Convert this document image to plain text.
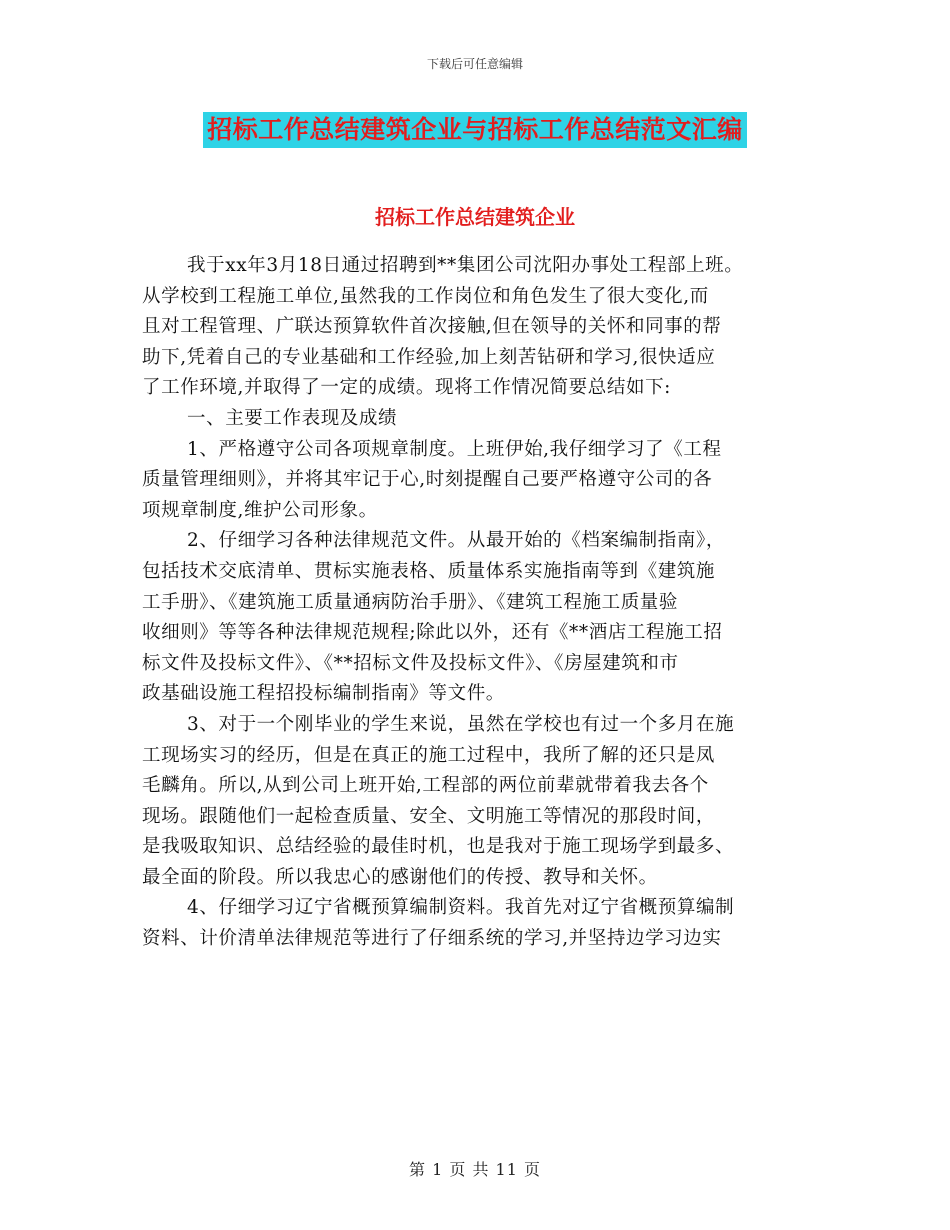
下载后可任意编辑
招标工作总结建筑企业与招标工作总结范文汇编
招标工作总结建筑企业
我于xx年3月18日通过招聘到**集团公司沈阳办事处工程部上班。
从学校到工程施工单位,虽然我的工作岗位和角色发生了很大变化,而
且对工程管理、广联达预算软件首次接触,但在领导的关怀和同事的帮
助下,凭着自己的专业基础和工作经验,加上刻苦钻研和学习,很快适应
了工作环境,并取得了一定的成绩。现将工作情况简要总结如下:
一、主要工作表现及成绩
1、严格遵守公司各项规章制度。上班伊始,我仔细学习了《工程
质量管理细则》，并将其牢记于心,时刻提醒自己要严格遵守公司的各
项规章制度,维护公司形象。
2、仔细学习各种法律规范文件。从最开始的《档案编制指南》，
包括技术交底清单、贯标实施表格、质量体系实施指南等到《建筑施
工手册》、《建筑施工质量通病防治手册》、《建筑工程施工质量验
收细则》等等各种法律规范规程;除此以外，还有《**酒店工程施工招
标文件及投标文件》、《**招标文件及投标文件》、《房屋建筑和市
政基础设施工程招投标编制指南》等文件。
3、对于一个刚毕业的学生来说，虽然在学校也有过一个多月在施
工现场实习的经历，但是在真正的施工过程中，我所了解的还只是凤
毛麟角。所以,从到公司上班开始,工程部的两位前辈就带着我去各个
现场。跟随他们一起检查质量、安全、文明施工等情况的那段时间，
是我吸取知识、总结经验的最佳时机，也是我对于施工现场学到最多、
最全面的阶段。所以我忠心的感谢他们的传授、教导和关怀。
4、仔细学习辽宁省概预算编制资料。我首先对辽宁省概预算编制
资料、计价清单法律规范等进行了仔细系统的学习,并坚持边学习边实
第 1 页 共 11 页
